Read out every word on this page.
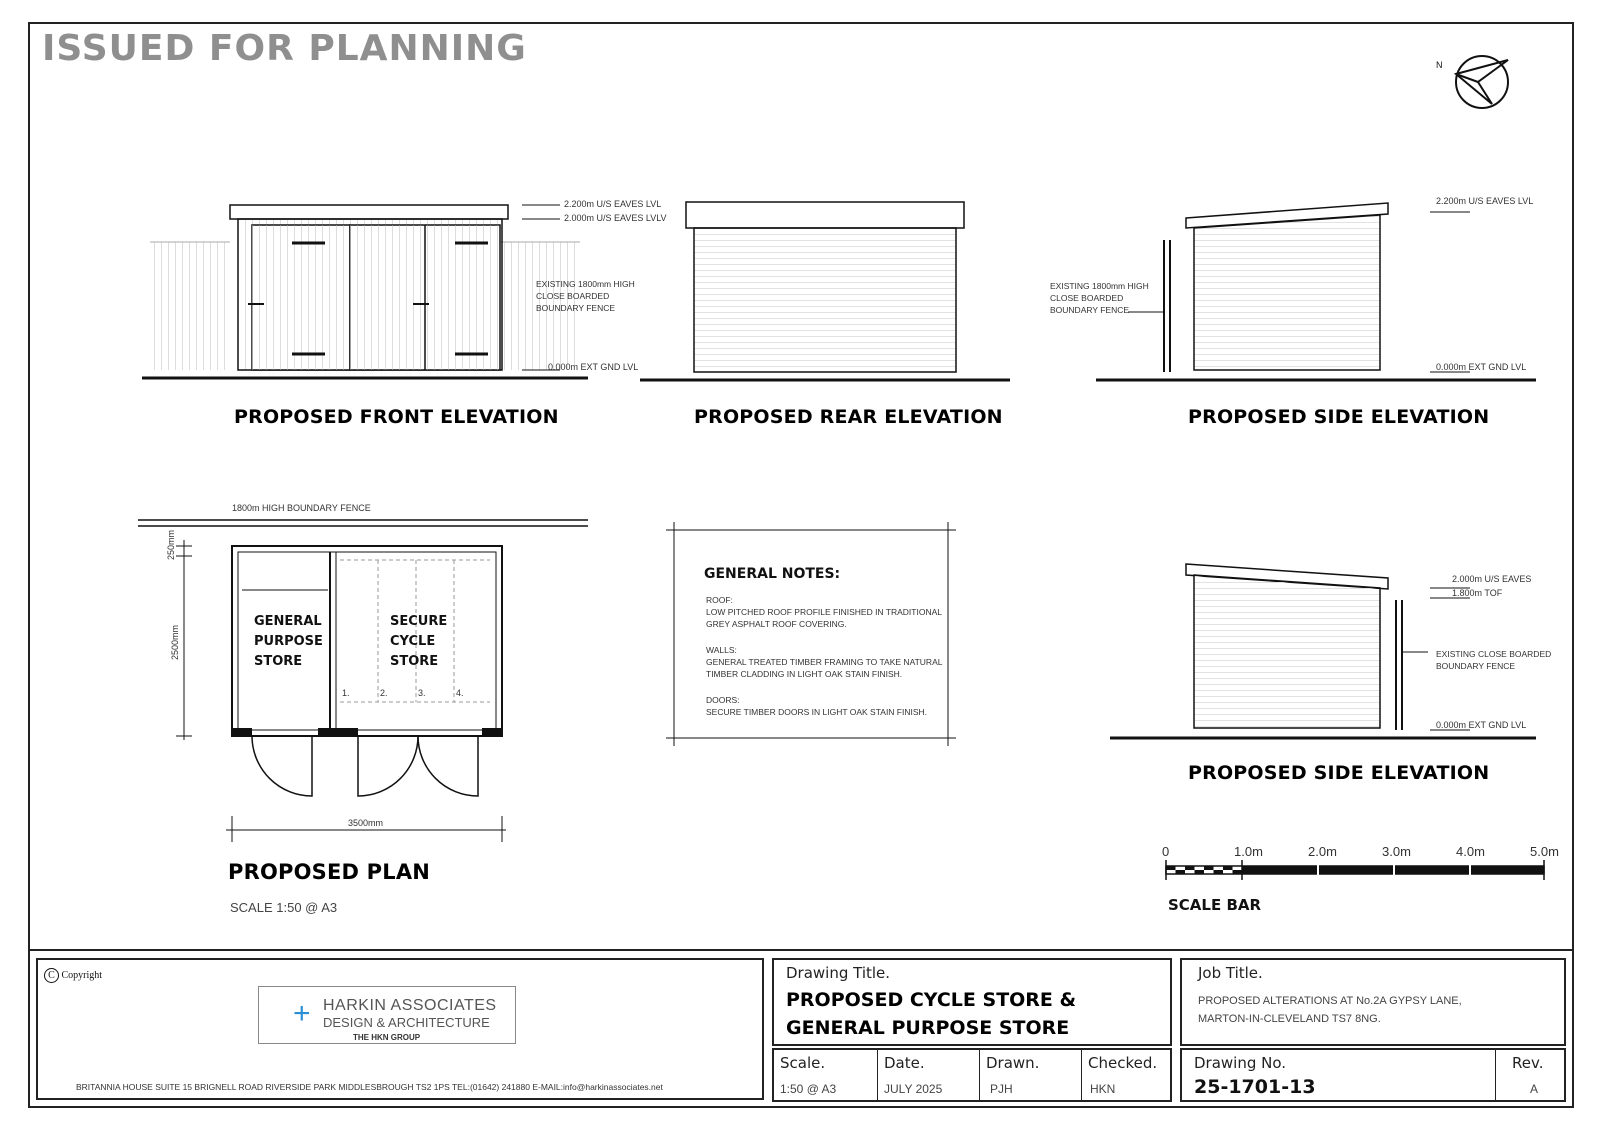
ISSUED FOR PLANNING	N
PROPOSED FRONT ELEVATION
2.200m U/S EAVES LVL
2.000m U/S EAVES LVLV
0.000m EXT GND LVL
EXISTING 1800mm HIGH
CLOSE BOARDED
BOUNDARY FENCE
PROPOSED REAR ELEVATION	PROPOSED SIDE ELEVATION
2.200m U/S EAVES LVL
0.000m EXT GND LVL
EXISTING 1800mm HIGH
CLOSE BOARDED
BOUNDARY FENCE
1800m HIGH BOUNDARY FENCE
250mm
2500mm
3500mm
GENERAL
PURPOSE
STORE
SECURE
CYCLE
STORE
1.	2.	3.	4.
PROPOSED PLAN
SCALE 1:50 @ A3
GENERAL NOTES:
ROOF:
LOW PITCHED ROOF PROFILE FINISHED IN TRADITIONAL
GREY ASPHALT ROOF COVERING.
WALLS:
GENERAL TREATED TIMBER FRAMING TO TAKE NATURAL
TIMBER CLADDING IN LIGHT OAK STAIN FINISH.
DOORS:
SECURE TIMBER DOORS IN LIGHT OAK STAIN FINISH.
2.000m U/S EAVES
1.800m TOF
EXISTING CLOSE BOARDED
BOUNDARY FENCE
0.000m EXT GND LVL
PROPOSED SIDE ELEVATION
0	1.0m	2.0m	3.0m	4.0m	5.0m
SCALE BAR
C Copyright
+ HARKIN ASSOCIATES
DESIGN & ARCHITECTURE
THE HKN GROUP
BRITANNIA HOUSE SUITE 15 BRIGNELL ROAD RIVERSIDE PARK MIDDLESBROUGH TS2 1PS TEL:(01642) 241880 E-MAIL:info@harkinassociates.net
Drawing Title.
PROPOSED CYCLE STORE &
GENERAL PURPOSE STORE
Job Title.
PROPOSED ALTERATIONS AT No.2A GYPSY LANE,
MARTON-IN-CLEVELAND TS7 8NG.
Scale.
1:50 @ A3
Date.
JULY 2025
Drawn.
PJH
Checked.
HKN
Drawing No.
25-1701-13
Rev.
A
